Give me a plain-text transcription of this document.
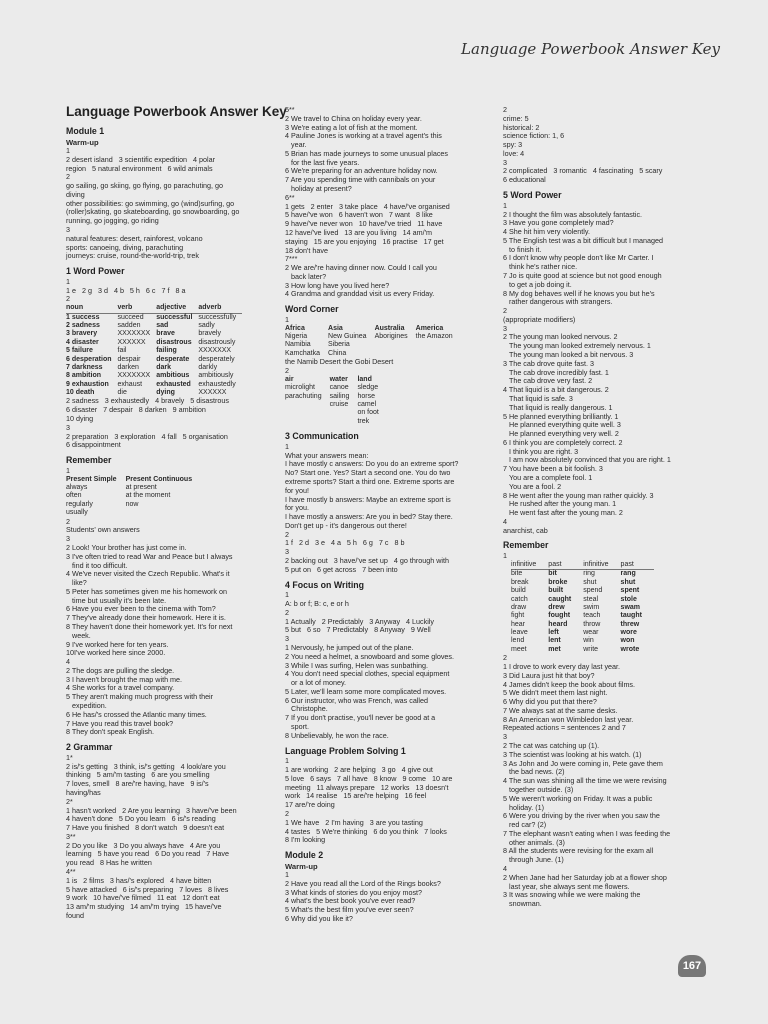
Language Powerbook Answer Key
Language Powerbook Answer Key
Module 1
Warm-up
1
2 desert island   3 scientific expedition   4 polar
region   5 natural environment   6 wild animals
2
go sailing, go skiing, go flying, go parachuting, go
diving
other possibilities: go swimming, go (wind)surfing, go
(roller)skating, go skateboarding, go snowboarding, go
running, go jogging, go riding
3
natural features: desert, rainforest, volcano
sports: canoeing, diving, parachuting
journeys: cruise, round-the-world-trip, trek
1 Word Power
1
1 e   2 g   3 d   4 b   5 h   6 c   7 f   8 a
2
noun	verb	adjective	adverb
1 success	succeed	successful	successfully
2 sadness	sadden	sad	sadly
3 bravery	XXXXXXX	brave	bravely
4 disaster	XXXXXX	disastrous	disastrously
5 failure	fail	failing	XXXXXXX
6 desperation	despair	desperate	desperately
7 darkness	darken	dark	darkly
8 ambition	XXXXXXX	ambitious	ambitiously
9 exhaustion	exhaust	exhausted	exhaustedly
10 death	die	dying	XXXXXX
2 sadness   3 exhaustedly   4 bravely   5 disastrous
6 disaster   7 despair   8 darken   9 ambition
10 dying
3
2 preparation   3 exploration   4 fall   5 organisation
6 disappointment
Remember
1
Present Simple	Present Continuous
always	at present
often	at the moment
regularly	now
usually	
2
Students' own answers
3
2 Look! Your brother has just come in.
3 I've often tried to read War and Peace but I always
find it too difficult.
4 We've never visited the Czech Republic. What's it
like?
5 Peter has sometimes given me his homework on
time but usually it's been late.
6 Have you ever been to the cinema with Tom?
7 They've already done their homework. Here it is.
8 They haven't done their homework yet. It's for next
week.
9 I've worked here for ten years.
10I've worked here since 2000.
4
2 The dogs are pulling the sledge.
3 I haven't brought the map with me.
4 She works for a travel company.
5 They aren't making much progress with their
expedition.
6 He has/'s crossed the Atlantic many times.
7 Have you read this travel book?
8 They don't speak English.
2 Grammar
1*
2 is/'s getting   3 think, is/'s getting   4 look/are you
thinking   5 am/'m tasting   6 are you smelling
7 loves, smell   8 are/'re having, have   9 is/'s
having/has
2*
1 hasn't worked   2 Are you learning   3 have/'ve been
4 haven't done   5 Do you learn   6 is/'s reading
7 Have you finished   8 don't watch   9 doesn't eat
3**
2 Do you like   3 Do you always have   4 Are you
learning   5 have you read   6 Do you read   7 Have
you read   8 Has he written
4**
1 is   2 films   3 has/'s explored   4 have bitten
5 have attacked   6 is/'s preparing   7 loves   8 lives
9 work   10 have/'ve filmed   11 eat   12 don't eat
13 am/'m studying   14 am/'m trying   15 have/'ve
found
5**
2 We travel to China on holiday every year.
3 We're eating a lot of fish at the moment.
4 Pauline Jones is working at a travel agent's this
year.
5 Brian has made journeys to some unusual places
for the last five years.
6 We're preparing for an adventure holiday now.
7 Are you spending time with cannibals on your
holiday at present?
6**
1 gets   2 enter   3 take place   4 have/'ve organised
5 have/'ve won   6 haven't won   7 want   8 like
9 have/'ve never won   10 have/'ve tried   11 have
12 have/'ve lived   13 are you living   14 am/'m
staying   15 are you enjoying   16 practise   17 get
18 don't have
7***
2 We are/'re having dinner now. Could I call you
back later?
3 How long have you lived here?
4 Grandma and granddad visit us every Friday.
Word Corner
1
Africa	Asia	Australia	America
Nigeria	New Guinea	Aborigines	the Amazon
Namibia	Siberia		
Kamchatka	China		
the Namib Desert the Gobi Desert
2
air	water	land
microlight	canoe	sledge
parachuting	sailing	horse
	cruise	camel
		on foot
		trek
3 Communication
1
What your answers mean:
I have mostly c answers: Do you do an extreme sport?
No? Start one. Yes? Start a second one. You do two
extreme sports? Start a third one. Extreme sports are
for you!
I have mostly b answers: Maybe an extreme sport is
for you.
I have mostly a answers: Are you in bed? Stay there.
Don't get up - it's dangerous out there!
2
1 f   2 d   3 e   4 a   5 h   6 g   7 c   8 b
3
2 backing out   3 have/'ve set up   4 go through with
5 put on   6 get across   7 been into
4 Focus on Writing
1
A: b or f; B: c, e or h
2
1 Actually   2 Predictably   3 Anyway   4 Luckily
5 but   6 so   7 Predictably   8 Anyway   9 Well
3
1 Nervously, he jumped out of the plane.
2 You need a helmet, a snowboard and some gloves.
3 While I was surfing, Helen was sunbathing.
4 You don't need special clothes, special equipment
or a lot of money.
5 Later, we'll learn some more complicated moves.
6 Our instructor, who was French, was called
Christophe.
7 If you don't practise, you'll never be good at a
sport.
8 Unbelievably, he won the race.
Language Problem Solving 1
1
1 are working   2 are helping   3 go   4 give out
5 love   6 says   7 all have   8 know   9 come   10 are
meeting   11 always prepare   12 works   13 doesn't
work   14 realise   15 are/'re helping   16 feel
17 are/'re doing
2
1 We have   2 I'm having   3 are you tasting
4 tastes   5 We're thinking   6 do you think   7 looks
8 I'm looking
Module 2
Warm-up
1
2 Have you read all the Lord of the Rings books?
3 What kinds of stories do you enjoy most?
4 what's the best book you've ever read?
5 What's the best film you've ever seen?
6 Why did you like it?
2
crime: 5
historical: 2
science fiction: 1, 6
spy: 3
love: 4
3
2 complicated   3 romantic   4 fascinating   5 scary
6 educational
5 Word Power
1
2 I thought the film was absolutely fantastic.
3 Have you gone completely mad?
4 She hit him very violently.
5 The English test was a bit difficult but I managed
to finish it.
6 I don't know why people don't like Mr Carter. I
think he's rather nice.
7 Jo is quite good at science but not good enough
to get a job doing it.
8 My dog behaves well if he knows you but he's
rather dangerous with strangers.
2
(appropriate modifiers)
3
2 The young man looked nervous. 2
The young man looked extremely nervous. 1
The young man looked a bit nervous. 3
3 The cab drove quite fast. 3
The cab drove incredibly fast. 1
The cab drove very fast. 2
4 That liquid is a bit dangerous. 2
That liquid is safe. 3
That liquid is really dangerous. 1
5 He planned everything brilliantly. 1
He planned everything quite well. 3
He planned everything very well. 2
6 I think you are completely correct. 2
I think you are right. 3
I am now absolutely convinced that you are right. 1
7 You have been a bit foolish. 3
You are a complete fool. 1
You are a fool. 2
8 He went after the young man rather quickly. 3
He rushed after the young man. 1
He went fast after the young man. 2
4
anarchist, cab
Remember
1
infinitive	past	infinitive	past
bite	bit	ring	rang
break	broke	shut	shut
build	built	spend	spent
catch	caught	steal	stole
draw	drew	swim	swam
fight	fought	teach	taught
hear	heard	throw	threw
leave	left	wear	wore
lend	lent	win	won
meet	met	write	wrote
2
1 I drove to work every day last year.
3 Did Laura just hit that boy?
4 James didn't keep the book about films.
5 We didn't meet them last night.
6 Why did you put that there?
7 We always sat at the same desks.
8 An American won Wimbledon last year.
Repeated actions = sentences 2 and 7
3
2 The cat was catching up (1).
3 The scientist was looking at his watch. (1)
3 As John and Jo were coming in, Pete gave them
the bad news. (2)
4 The sun was shining all the time we were revising
together outside. (3)
5 We weren't working on Friday. It was a public
holiday. (1)
6 Were you driving by the river when you saw the
red car? (2)
7 The elephant wasn't eating when I was feeding the
other animals. (3)
8 All the students were revising for the exam all
through June. (1)
4
2 When Jane had her Saturday job at a flower shop
last year, she always sent me flowers.
3 It was snowing while we were making the
snowman.
167
